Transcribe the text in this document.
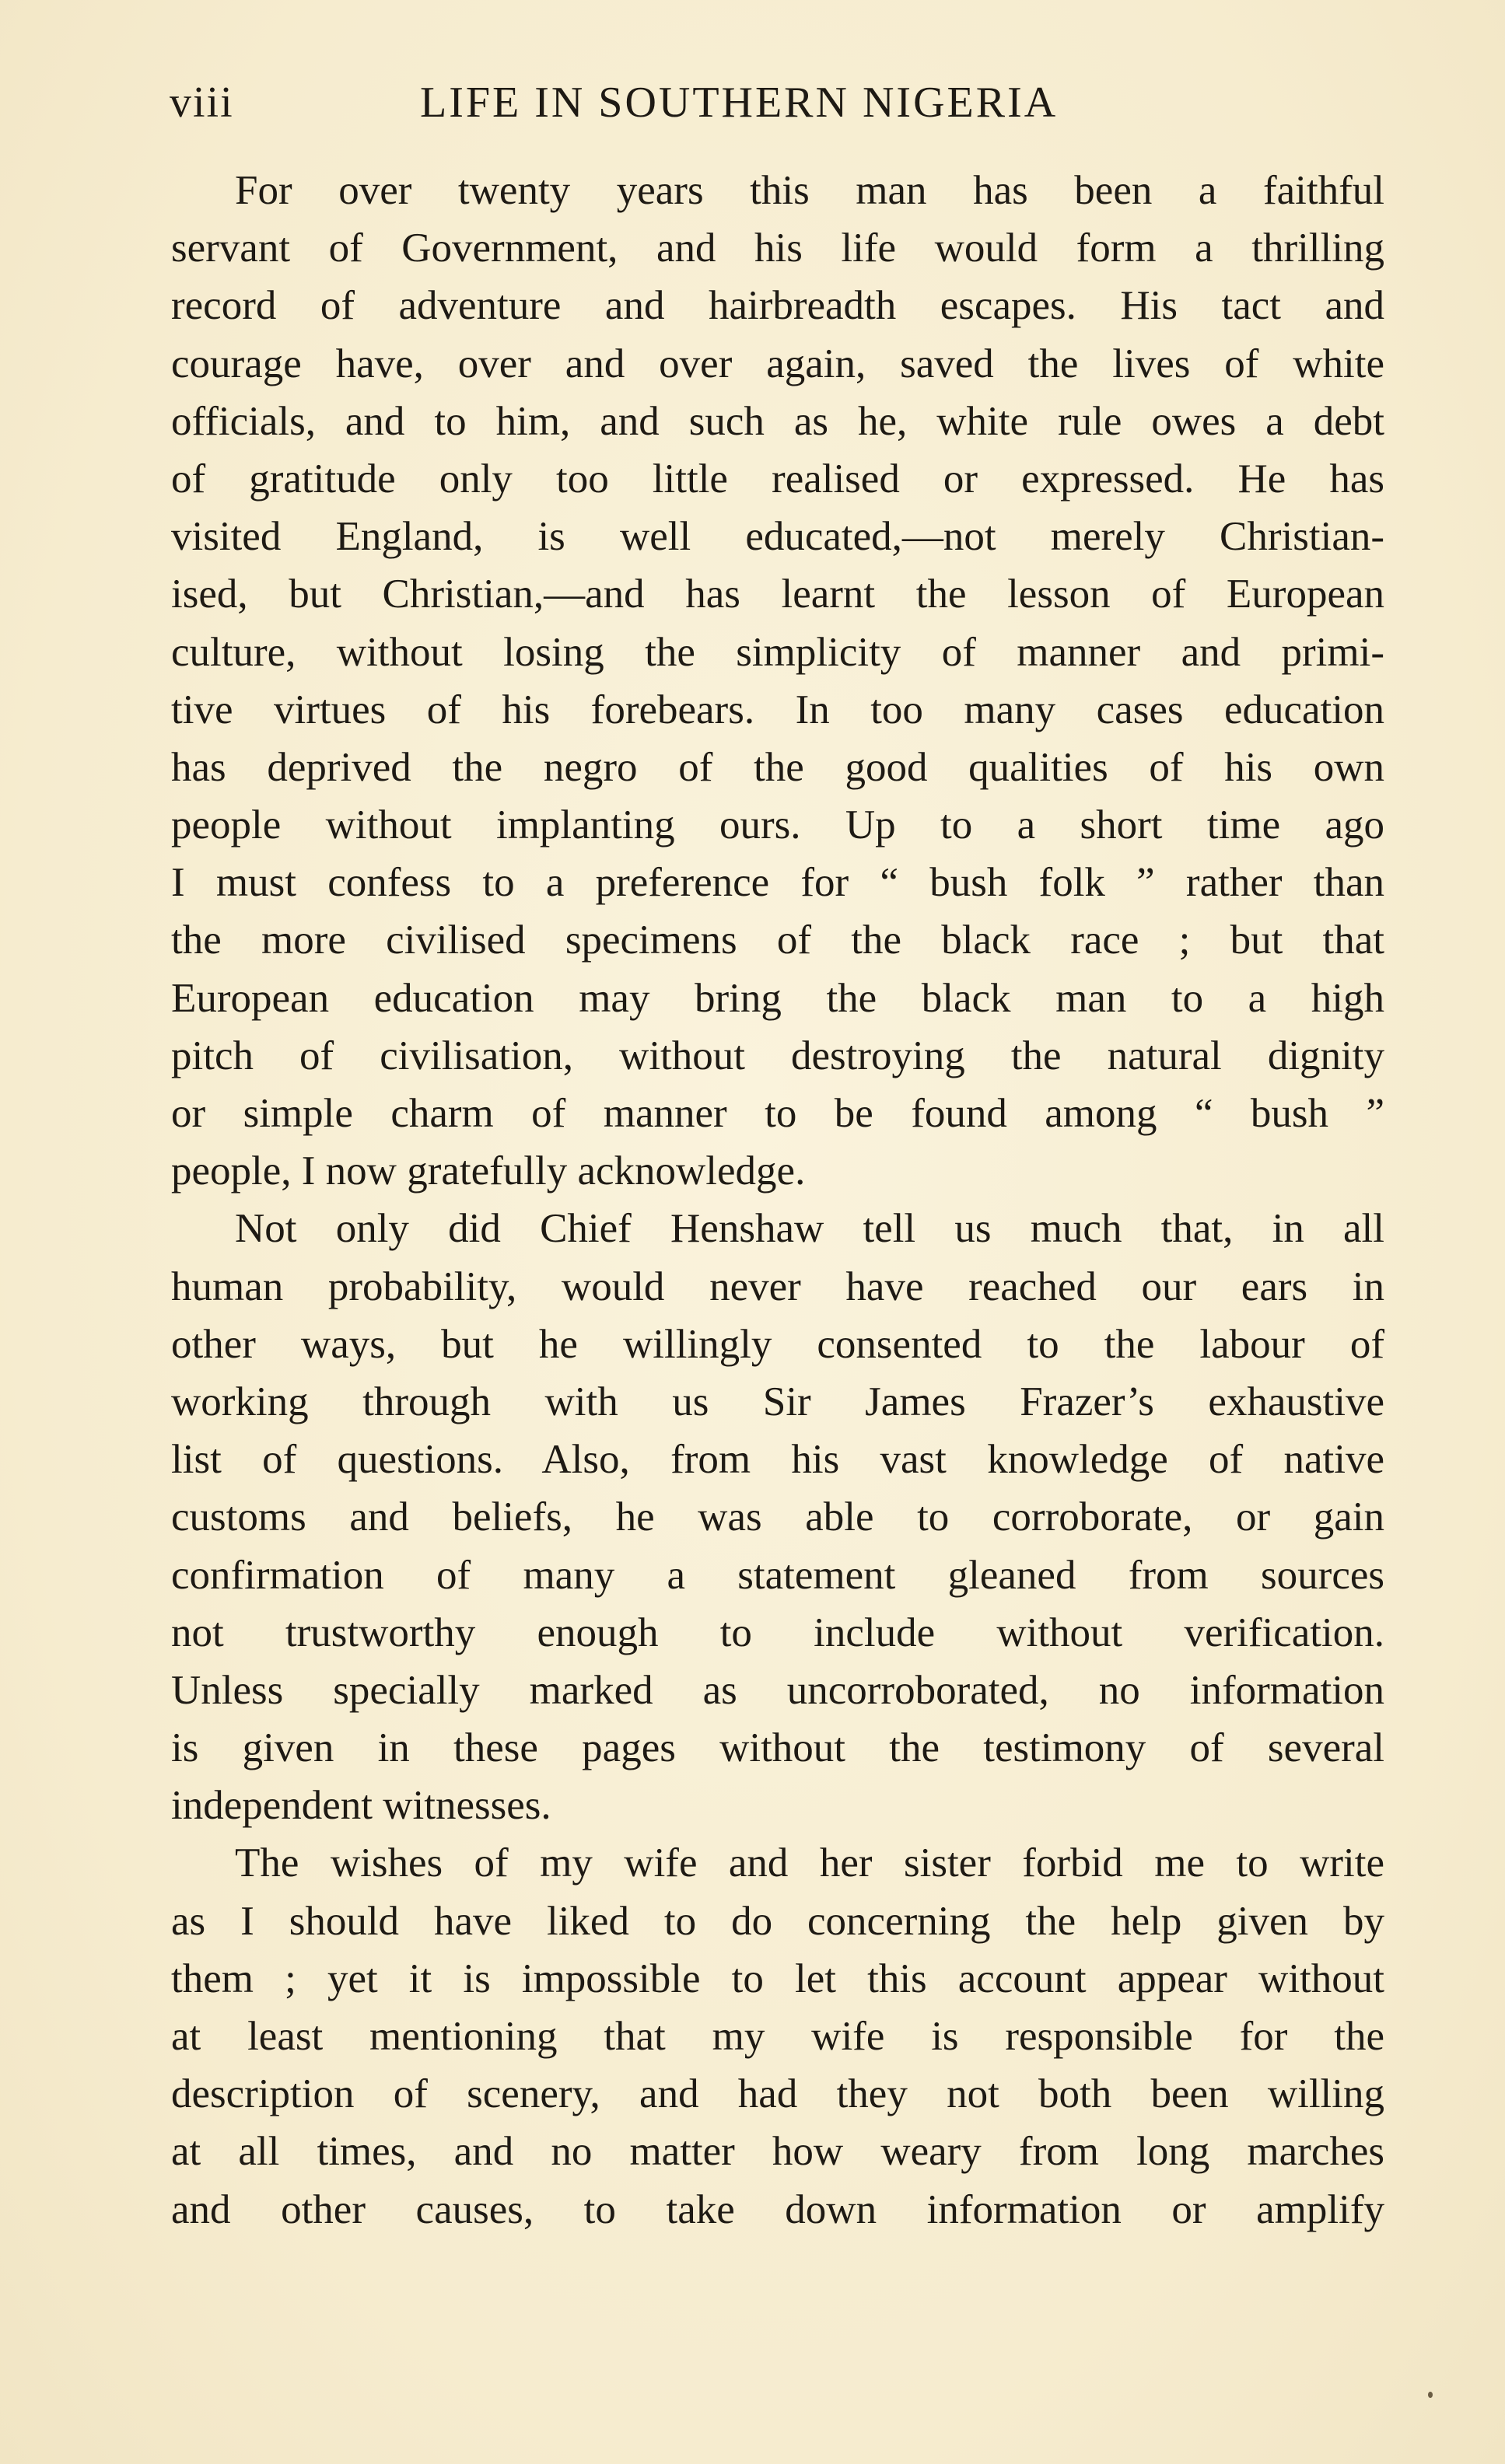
viii	LIFE IN SOUTHERN NIGERIA
For over twenty years this man has been a faithful
servant of Government, and his life would form a thrilling
record of adventure and hairbreadth escapes. His tact and
courage have, over and over again, saved the lives of white
officials, and to him, and such as he, white rule owes a debt
of gratitude only too little realised or expressed. He has
visited England, is well educated,—not merely Christian-
ised, but Christian,—and has learnt the lesson of European
culture, without losing the simplicity of manner and primi-
tive virtues of his forebears. In too many cases education
has deprived the negro of the good qualities of his own
people without implanting ours. Up to a short time ago
I must confess to a preference for “ bush folk ” rather than
the more civilised specimens of the black race ; but that
European education may bring the black man to a high
pitch of civilisation, without destroying the natural dignity
or simple charm of manner to be found among “ bush ”
people, I now gratefully acknowledge.
Not only did Chief Henshaw tell us much that, in all
human probability, would never have reached our ears in
other ways, but he willingly consented to the labour of
working through with us Sir James Frazer’s exhaustive
list of questions. Also, from his vast knowledge of native
customs and beliefs, he was able to corroborate, or gain
confirmation of many a statement gleaned from sources
not trustworthy enough to include without verification.
Unless specially marked as uncorroborated, no information
is given in these pages without the testimony of several
independent witnesses.
The wishes of my wife and her sister forbid me to write
as I should have liked to do concerning the help given by
them ; yet it is impossible to let this account appear without
at least mentioning that my wife is responsible for the
description of scenery, and had they not both been willing
at all times, and no matter how weary from long marches
and other causes, to take down information or amplify
